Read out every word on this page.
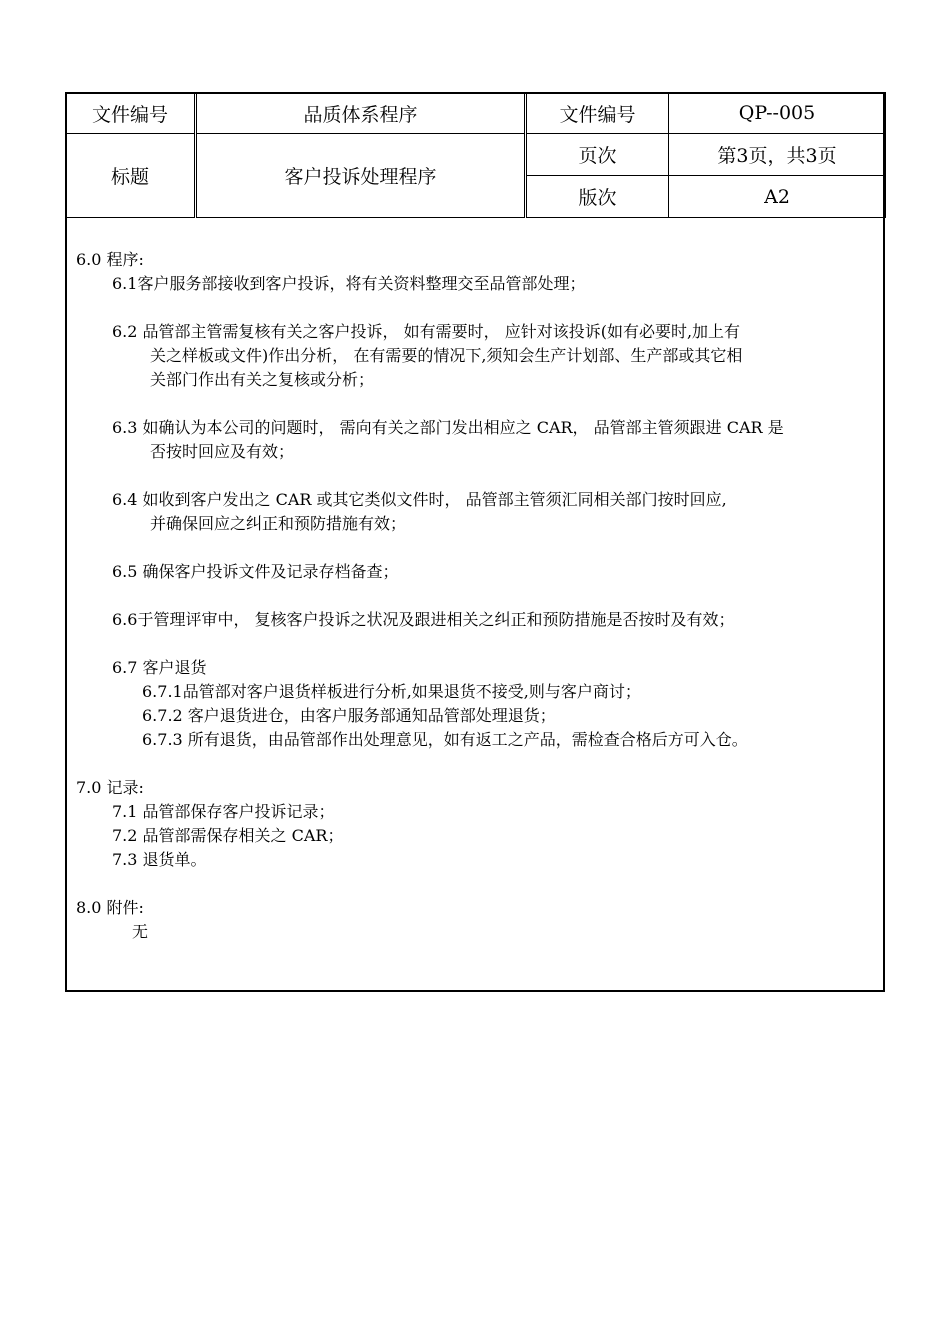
文件编号	品质体系程序	文件编号	QP--005
标题	客户投诉处理程序	页次	第3页，共3页
		版次	A2
6.0 程序:
6.1客户服务部接收到客户投诉，将有关资料整理交至品管部处理；
6.2 品管部主管需复核有关之客户投诉， 如有需要时， 应针对该投诉(如有必要时,加上有
关之样板或文件)作出分析， 在有需要的情况下,须知会生产计划部、生产部或其它相
关部门作出有关之复核或分析；
6.3 如确认为本公司的问题时， 需向有关之部门发出相应之 CAR， 品管部主管须跟进 CAR 是
否按时回应及有效；
6.4 如收到客户发出之 CAR 或其它类似文件时， 品管部主管须汇同相关部门按时回应,
并确保回应之纠正和预防措施有效；
6.5 确保客户投诉文件及记录存档备查；
6.6于管理评审中， 复核客户投诉之状况及跟进相关之纠正和预防措施是否按时及有效；
6.7 客户退货
6.7.1品管部对客户退货样板进行分析,如果退货不接受,则与客户商讨；
6.7.2 客户退货进仓，由客户服务部通知品管部处理退货；
6.7.3 所有退货，由品管部作出处理意见，如有返工之产品，需检查合格后方可入仓。
7.0 记录:
7.1 品管部保存客户投诉记录；
7.2 品管部需保存相关之 CAR；
7.3 退货单。
8.0 附件:
无
